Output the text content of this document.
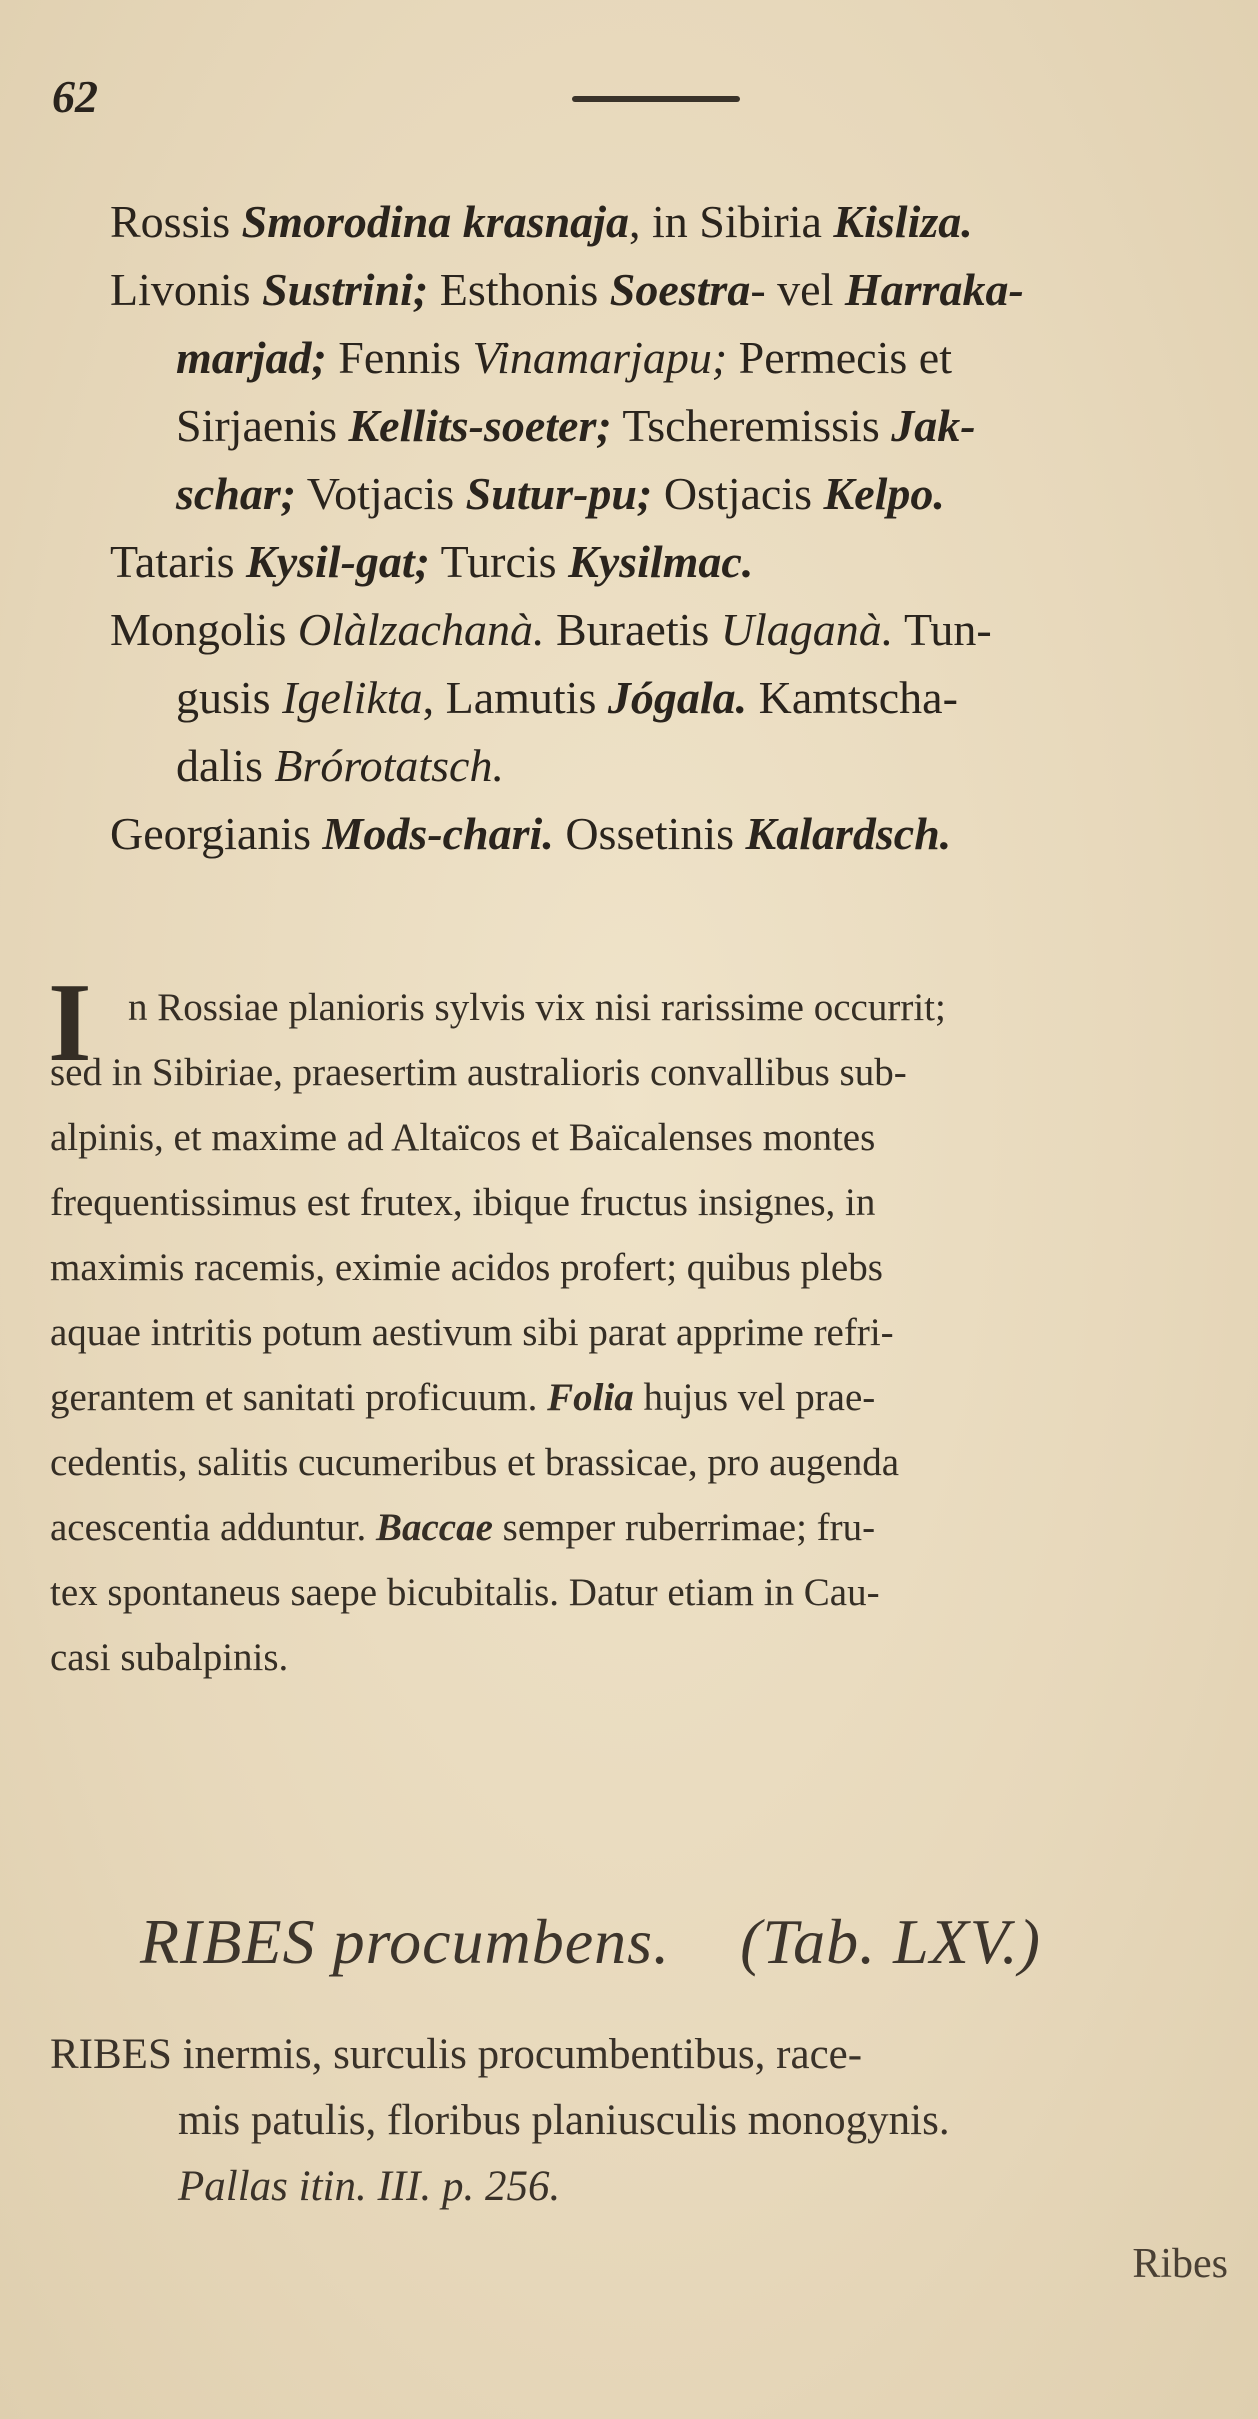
62
Rossis Smorodina krasnaja, in Sibiria Kisliza.
Livonis Sustrini; Esthonis Soestra- vel Harraka-
marjad; Fennis Vinamarjapu; Permecis et
Sirjaenis Kellits-soeter; Tscheremissis Jak-
schar; Votjacis Sutur-pu; Ostjacis Kelpo.
Tataris Kysil-gat; Turcis Kysilmac.
Mongolis Olàlzachanà. Buraetis Ulaganà. Tun-
gusis Igelikta, Lamutis Jógala. Kamtscha-
dalis Brórotatsch.
Georgianis Mods-chari. Ossetinis Kalardsch.
I n Rossiae planioris sylvis vix nisi rarissime occurrit;
sed in Sibiriae, praesertim australioris convallibus sub-
alpinis, et maxime ad Altaïcos et Baïcalenses montes
frequentissimus est frutex, ibique fructus insignes, in
maximis racemis, eximie acidos profert; quibus plebs
aquae intritis potum aestivum sibi parat apprime refri-
gerantem et sanitati proficuum. Folia hujus vel prae-
cedentis, salitis cucumeribus et brassicae, pro augenda
acescentia adduntur. Baccae semper ruberrimae; fru-
tex spontaneus saepe bicubitalis. Datur etiam in Cau-
casi subalpinis.
RIBES procumbens. (Tab. LXV.)
RIBES inermis, surculis procumbentibus, race-
mis patulis, floribus planiusculis monogynis.
Pallas itin. III. p. 256.
Ribes
